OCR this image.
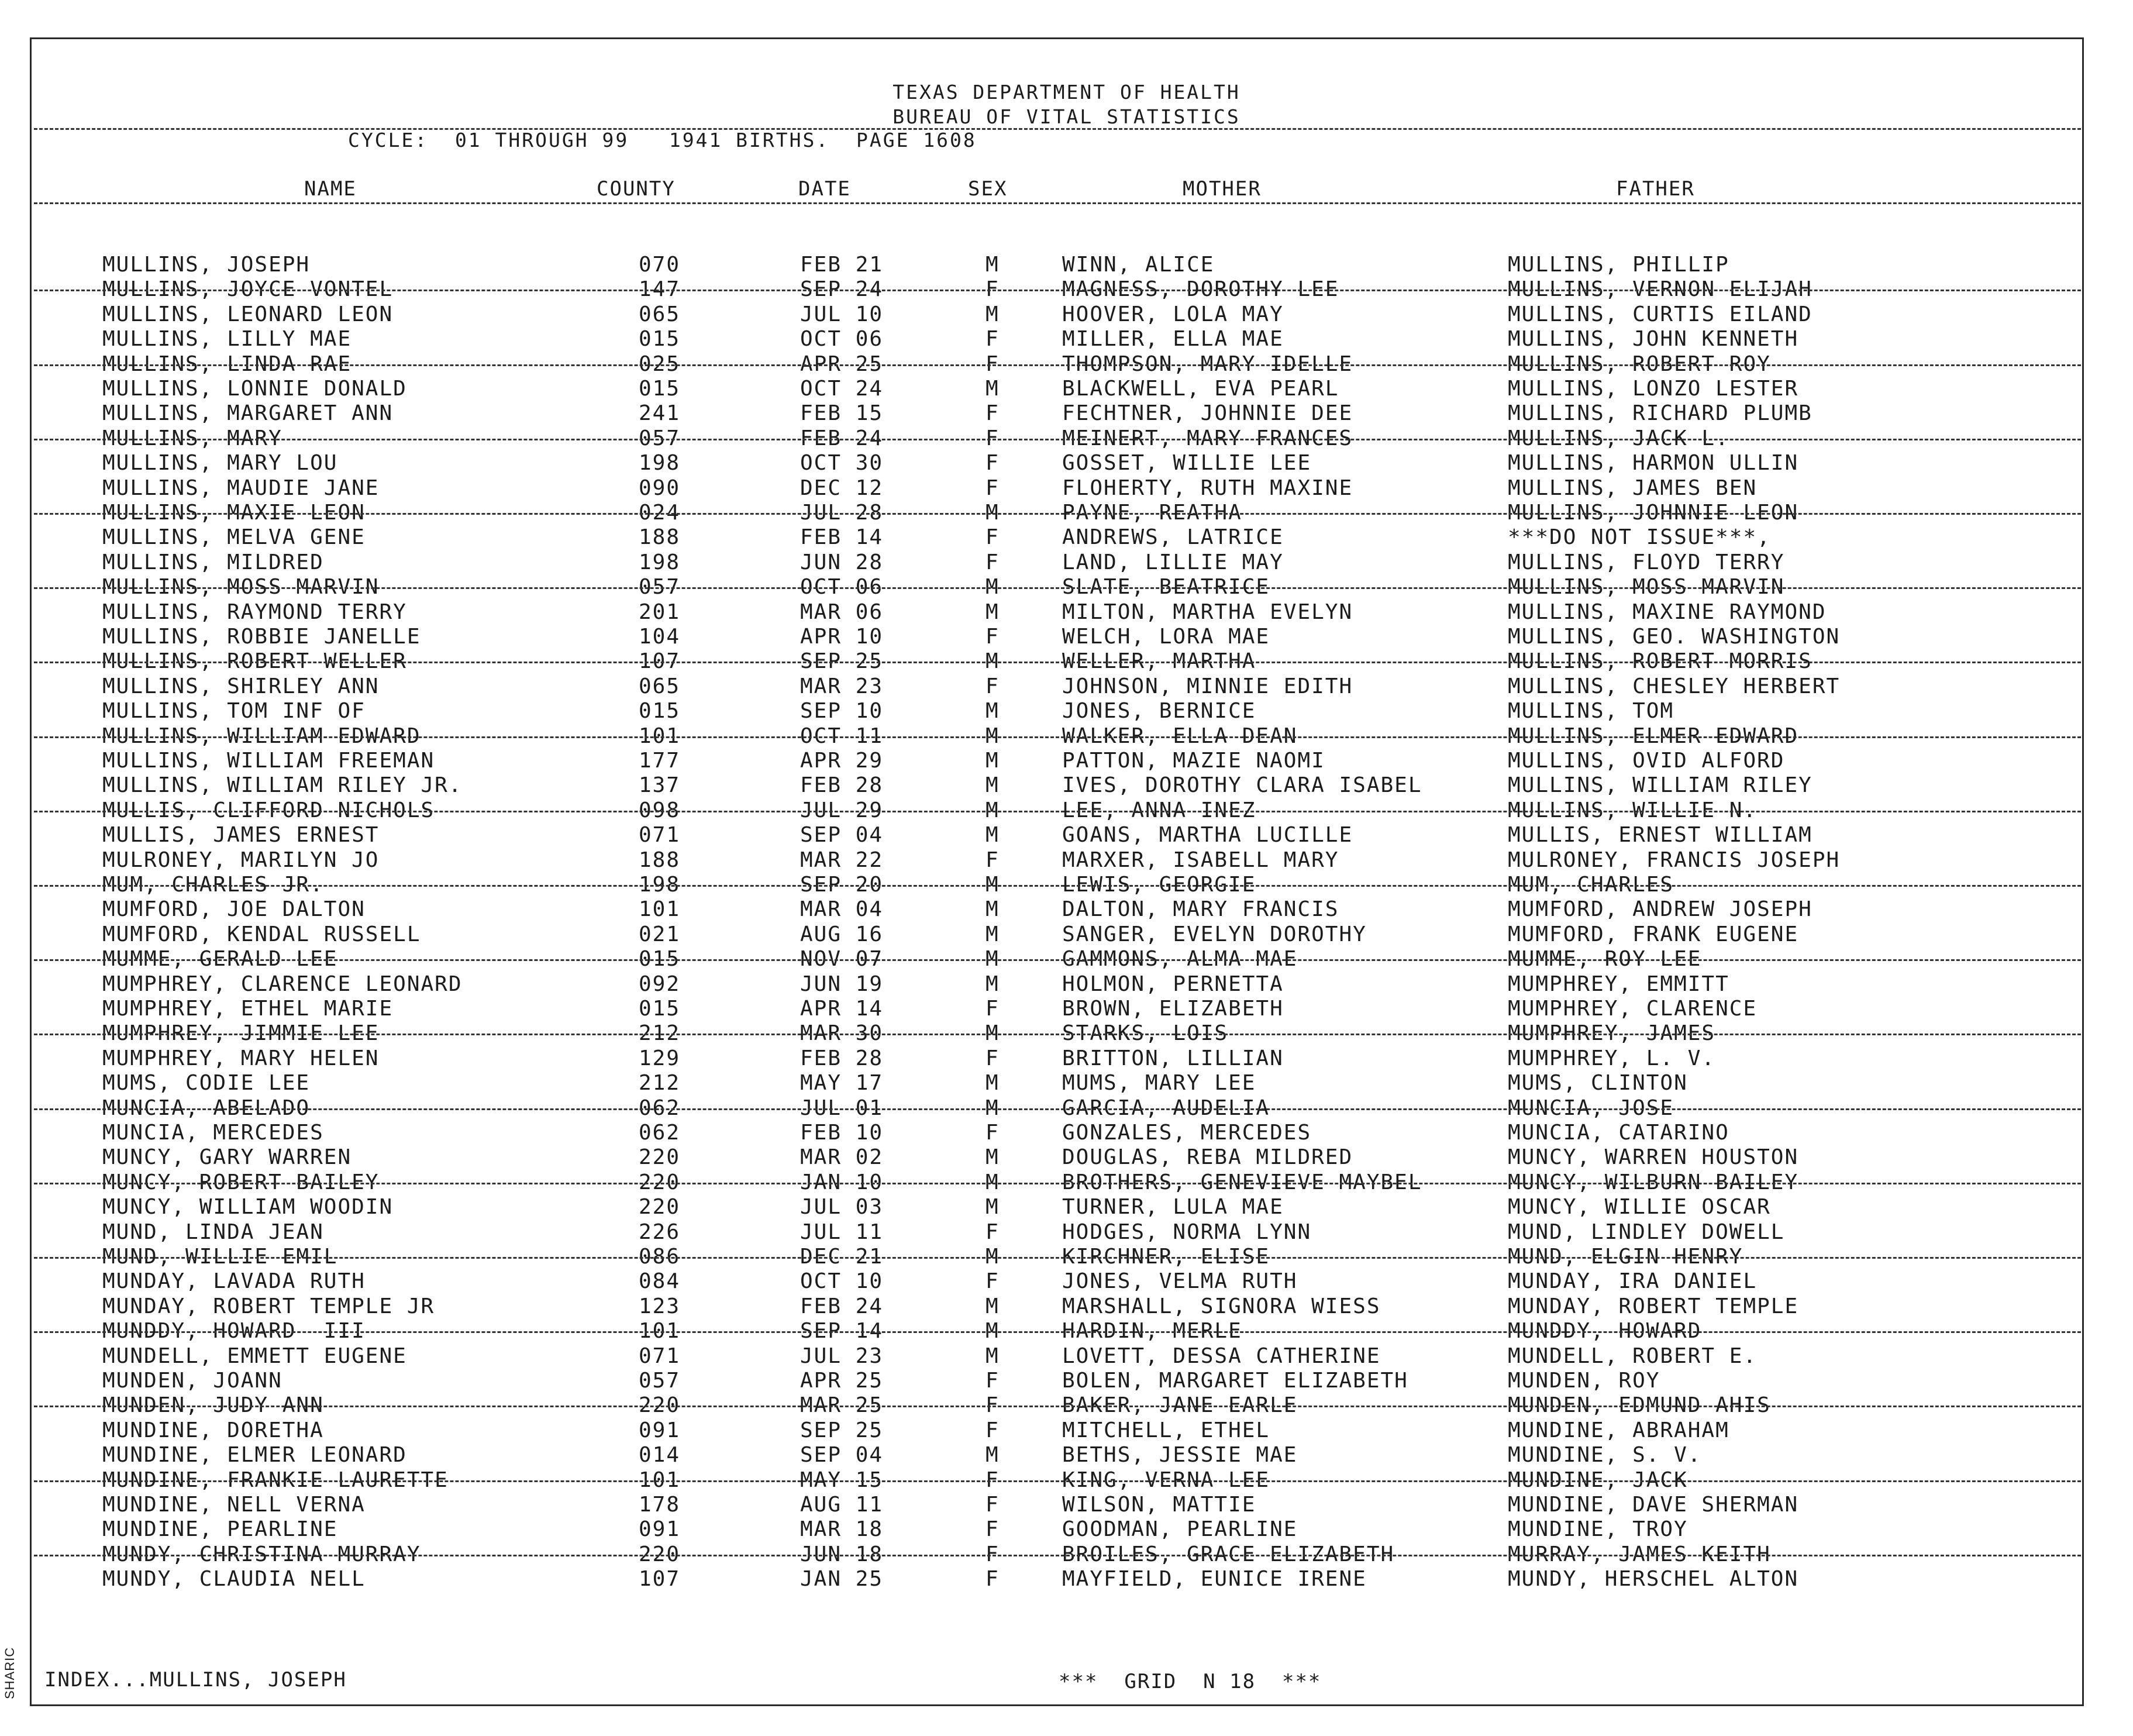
TEXAS DEPARTMENT OF HEALTH
BUREAU OF VITAL STATISTICS
CYCLE:  01 THROUGH 99   1941 BIRTHS.  PAGE 1608
NAME	COUNTY	DATE	SEX	MOTHER	FATHER
MULLINS, JOSEPH	070	FEB 21	M	WINN, ALICE	MULLINS, PHILLIP
MULLINS, JOYCE VONTEL	147	SEP 24	F	MAGNESS, DOROTHY LEE	MULLINS, VERNON ELIJAH
MULLINS, LEONARD LEON	065	JUL 10	M	HOOVER, LOLA MAY	MULLINS, CURTIS EILAND
MULLINS, LILLY MAE	015	OCT 06	F	MILLER, ELLA MAE	MULLINS, JOHN KENNETH
MULLINS, LINDA RAE	025	APR 25	F	THOMPSON, MARY IDELLE	MULLINS, ROBERT ROY
MULLINS, LONNIE DONALD	015	OCT 24	M	BLACKWELL, EVA PEARL	MULLINS, LONZO LESTER
MULLINS, MARGARET ANN	241	FEB 15	F	FECHTNER, JOHNNIE DEE	MULLINS, RICHARD PLUMB
MULLINS, MARY	057	FEB 24	F	MEINERT, MARY FRANCES	MULLINS, JACK L.
MULLINS, MARY LOU	198	OCT 30	F	GOSSET, WILLIE LEE	MULLINS, HARMON ULLIN
MULLINS, MAUDIE JANE	090	DEC 12	F	FLOHERTY, RUTH MAXINE	MULLINS, JAMES BEN
MULLINS, MAXIE LEON	024	JUL 28	M	PAYNE, REATHA	MULLINS, JOHNNIE LEON
MULLINS, MELVA GENE	188	FEB 14	F	ANDREWS, LATRICE	***DO NOT ISSUE***,
MULLINS, MILDRED	198	JUN 28	F	LAND, LILLIE MAY	MULLINS, FLOYD TERRY
MULLINS, MOSS MARVIN	057	OCT 06	M	SLATE, BEATRICE	MULLINS, MOSS MARVIN
MULLINS, RAYMOND TERRY	201	MAR 06	M	MILTON, MARTHA EVELYN	MULLINS, MAXINE RAYMOND
MULLINS, ROBBIE JANELLE	104	APR 10	F	WELCH, LORA MAE	MULLINS, GEO. WASHINGTON
MULLINS, ROBERT WELLER	107	SEP 25	M	WELLER, MARTHA	MULLINS, ROBERT MORRIS
MULLINS, SHIRLEY ANN	065	MAR 23	F	JOHNSON, MINNIE EDITH	MULLINS, CHESLEY HERBERT
MULLINS, TOM INF OF	015	SEP 10	M	JONES, BERNICE	MULLINS, TOM
MULLINS, WILLIAM EDWARD	101	OCT 11	M	WALKER, ELLA DEAN	MULLINS, ELMER EDWARD
MULLINS, WILLIAM FREEMAN	177	APR 29	M	PATTON, MAZIE NAOMI	MULLINS, OVID ALFORD
MULLINS, WILLIAM RILEY JR.	137	FEB 28	M	IVES, DOROTHY CLARA ISABEL	MULLINS, WILLIAM RILEY
MULLIS, CLIFFORD NICHOLS	098	JUL 29	M	LEE, ANNA INEZ	MULLINS, WILLIE N.
MULLIS, JAMES ERNEST	071	SEP 04	M	GOANS, MARTHA LUCILLE	MULLIS, ERNEST WILLIAM
MULRONEY, MARILYN JO	188	MAR 22	F	MARXER, ISABELL MARY	MULRONEY, FRANCIS JOSEPH
MUM, CHARLES JR.	198	SEP 20	M	LEWIS, GEORGIE	MUM, CHARLES
MUMFORD, JOE DALTON	101	MAR 04	M	DALTON, MARY FRANCIS	MUMFORD, ANDREW JOSEPH
MUMFORD, KENDAL RUSSELL	021	AUG 16	M	SANGER, EVELYN DOROTHY	MUMFORD, FRANK EUGENE
MUMME, GERALD LEE	015	NOV 07	M	GAMMONS, ALMA MAE	MUMME, ROY LEE
MUMPHREY, CLARENCE LEONARD	092	JUN 19	M	HOLMON, PERNETTA	MUMPHREY, EMMITT
MUMPHREY, ETHEL MARIE	015	APR 14	F	BROWN, ELIZABETH	MUMPHREY, CLARENCE
MUMPHREY, JIMMIE LEE	212	MAR 30	M	STARKS, LOIS	MUMPHREY, JAMES
MUMPHREY, MARY HELEN	129	FEB 28	F	BRITTON, LILLIAN	MUMPHREY, L. V.
MUMS, CODIE LEE	212	MAY 17	M	MUMS, MARY LEE	MUMS, CLINTON
MUNCIA, ABELADO	062	JUL 01	M	GARCIA, AUDELIA	MUNCIA, JOSE
MUNCIA, MERCEDES	062	FEB 10	F	GONZALES, MERCEDES	MUNCIA, CATARINO
MUNCY, GARY WARREN	220	MAR 02	M	DOUGLAS, REBA MILDRED	MUNCY, WARREN HOUSTON
MUNCY, ROBERT BAILEY	220	JAN 10	M	BROTHERS, GENEVIEVE MAYBEL	MUNCY, WILBURN BAILEY
MUNCY, WILLIAM WOODIN	220	JUL 03	M	TURNER, LULA MAE	MUNCY, WILLIE OSCAR
MUND, LINDA JEAN	226	JUL 11	F	HODGES, NORMA LYNN	MUND, LINDLEY DOWELL
MUND, WILLIE EMIL	086	DEC 21	M	KIRCHNER, ELISE	MUND, ELGIN HENRY
MUNDAY, LAVADA RUTH	084	OCT 10	F	JONES, VELMA RUTH	MUNDAY, IRA DANIEL
MUNDAY, ROBERT TEMPLE JR	123	FEB 24	M	MARSHALL, SIGNORA WIESS	MUNDAY, ROBERT TEMPLE
MUNDDY, HOWARD  III	101	SEP 14	M	HARDIN, MERLE	MUNDDY, HOWARD
MUNDELL, EMMETT EUGENE	071	JUL 23	M	LOVETT, DESSA CATHERINE	MUNDELL, ROBERT E.
MUNDEN, JOANN	057	APR 25	F	BOLEN, MARGARET ELIZABETH	MUNDEN, ROY
MUNDEN, JUDY ANN	220	MAR 25	F	BAKER, JANE EARLE	MUNDEN, EDMUND AHIS
MUNDINE, DORETHA	091	SEP 25	F	MITCHELL, ETHEL	MUNDINE, ABRAHAM
MUNDINE, ELMER LEONARD	014	SEP 04	M	BETHS, JESSIE MAE	MUNDINE, S. V.
MUNDINE, FRANKIE LAURETTE	101	MAY 15	F	KING, VERNA LEE	MUNDINE, JACK
MUNDINE, NELL VERNA	178	AUG 11	F	WILSON, MATTIE	MUNDINE, DAVE SHERMAN
MUNDINE, PEARLINE	091	MAR 18	F	GOODMAN, PEARLINE	MUNDINE, TROY
MUNDY, CHRISTINA MURRAY	220	JUN 18	F	BROILES, GRACE ELIZABETH	MURRAY, JAMES KEITH
MUNDY, CLAUDIA NELL	107	JAN 25	F	MAYFIELD, EUNICE IRENE	MUNDY, HERSCHEL ALTON
INDEX...MULLINS, JOSEPH	***  GRID  N 18  ***
SHARIC
